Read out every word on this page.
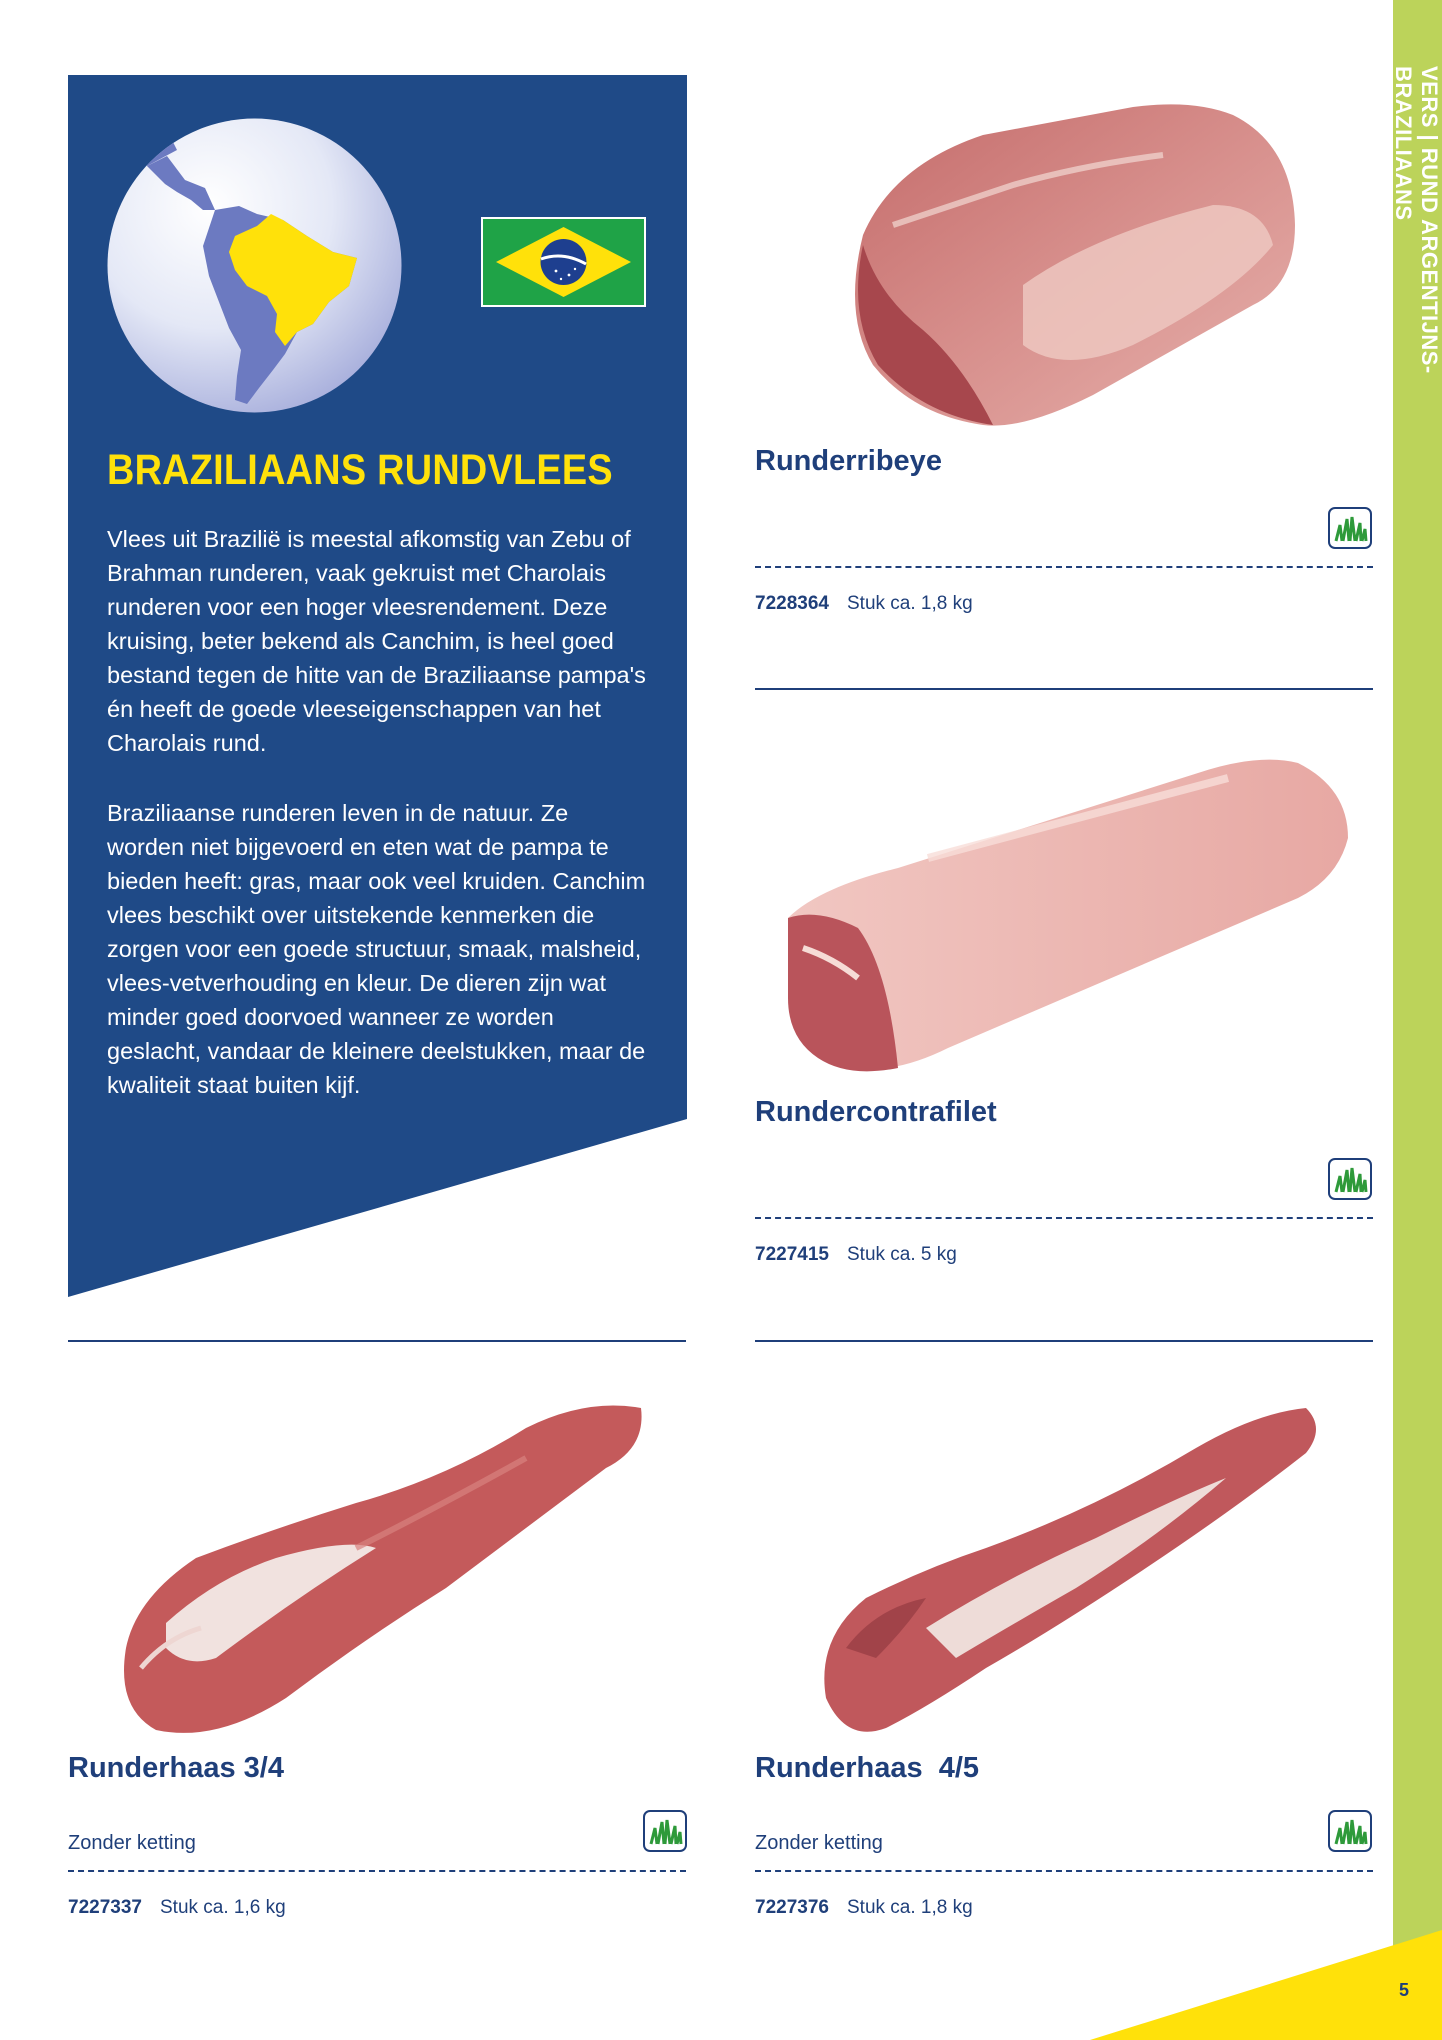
VERS | RUND ARGENTIJNS-BRAZILIAANS
5
BRAZILIAANS RUNDVLEES
Vlees uit Brazilië is meestal afkomstig van Zebu of Brahman runderen, vaak gekruist met Charolais runderen voor een hoger vleesrendement. Deze kruising, beter bekend als Canchim, is heel goed bestand tegen de hitte van de Braziliaanse pampa's én heeft de goede vleeseigenschappen van het Charolais rund.
Braziliaanse runderen leven in de natuur. Ze worden niet bijgevoerd en eten wat de pampa te bieden heeft: gras, maar ook veel kruiden. Canchim vlees beschikt over uitstekende kenmerken die zorgen voor een goede structuur, smaak, malsheid, vlees-vetverhouding en kleur. De dieren zijn wat minder goed doorvoed wanneer ze worden geslacht, vandaar de kleinere deelstukken, maar de kwaliteit staat buiten kijf.
Runderribeye
7228364 Stuk ca. 1,8 kg
Rundercontrafilet
7227415 Stuk ca. 5 kg
Runderhaas 3/4
Zonder ketting
7227337 Stuk ca. 1,6 kg
Runderhaas  4/5
Zonder ketting
7227376 Stuk ca. 1,8 kg
